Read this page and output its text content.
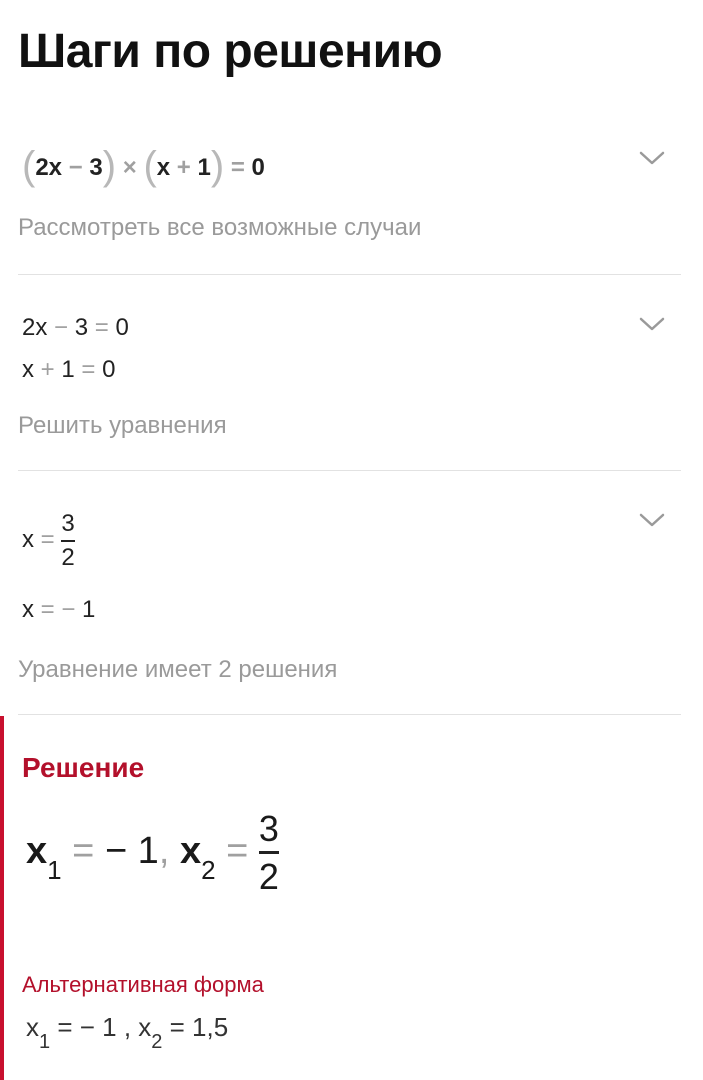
Шаги по решению
(2x − 3) × (x + 1) = 0
Рассмотреть все возможные случаи
2x − 3 = 0
x + 1 = 0
Решить уравнения
$x = \frac{3}{2}$
x = − 1
Уравнение имеет 2 решения
Решение
$x_1$ = − 1, $x_2 = \frac{3}{2}$
Альтернативная форма
$x_1$ = − 1 , $x_2 = 1,5$
